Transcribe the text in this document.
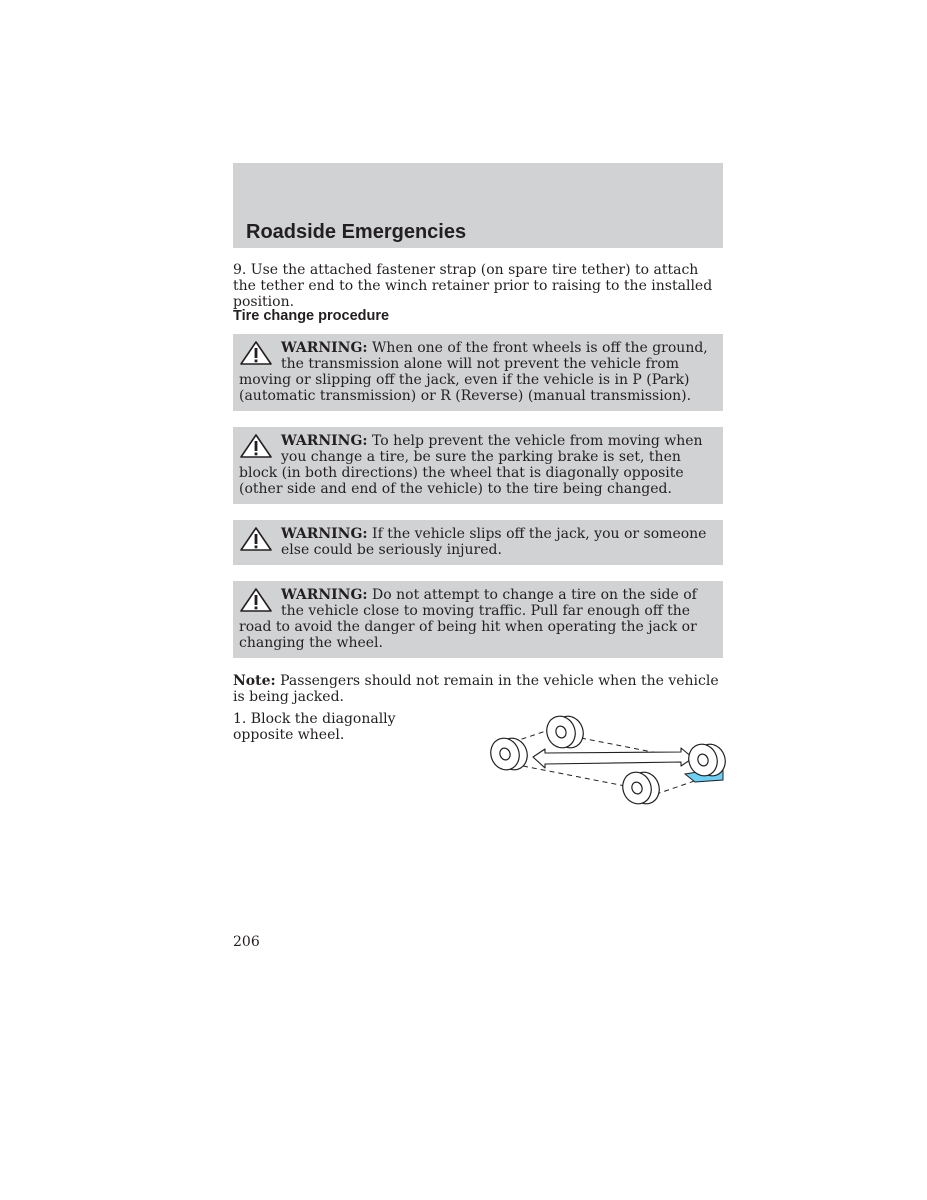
Roadside Emergencies

9. Use the attached fastener strap (on spare tire tether) to attach the tether end to the winch retainer prior to raising to the installed position.

Tire change procedure
WARNING: When one of the front wheels is off the ground, the transmission alone will not prevent the vehicle from moving or slipping off the jack, even if the vehicle is in P (Park) (automatic transmission) or R (Reverse) (manual transmission).
WARNING: To help prevent the vehicle from moving when you change a tire, be sure the parking brake is set, then block (in both directions) the wheel that is diagonally opposite (other side and end of the vehicle) to the tire being changed.
WARNING: If the vehicle slips off the jack, you or someone else could be seriously injured.
WARNING: Do not attempt to change a tire on the side of the vehicle close to moving traffic. Pull far enough off the road to avoid the danger of being hit when operating the jack or changing the wheel.

Note: Passengers should not remain in the vehicle when the vehicle is being jacked.

1. Block the diagonally opposite wheel.

206
